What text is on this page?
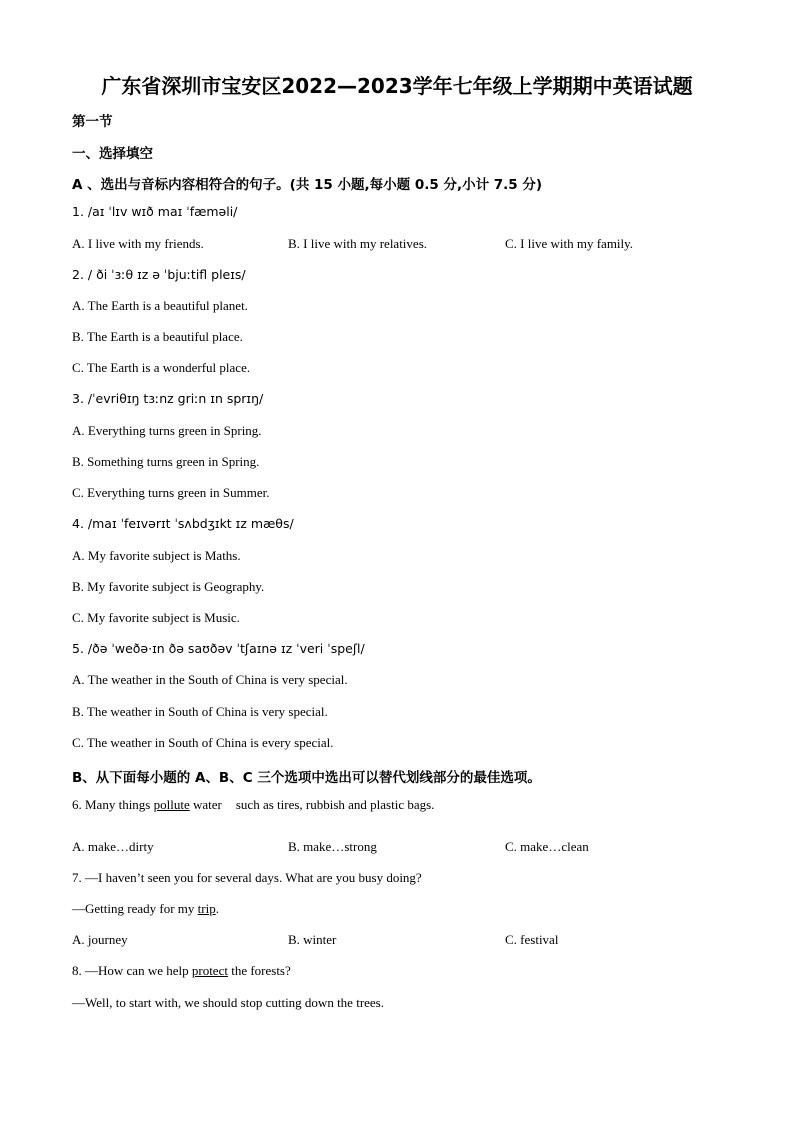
广东省深圳市宝安区2022—2023学年七年级上学期期中英语试题
第一节
一、选择填空
A 、选出与音标内容相符合的句子。(共 15 小题,每小题 0.5 分,小计 7.5 分)
1. /aɪ ˈlɪv wɪð maɪ ˈfæməli/
A. I live with my friends.	B. I live with my relatives.	C. I live with my family.
2. / ði ˈɜːθ ɪz ə ˈbjuːtifl pleɪs/
A. The Earth is a beautiful planet.
B. The Earth is a beautiful place.
C. The Earth is a wonderful place.
3. /ˈevriθɪŋ tɜːnz ɡriːn ɪn sprɪŋ/
A. Everything turns green in Spring.
B. Something turns green in Spring.
C. Everything turns green in Summer.
4. /maɪ ˈfeɪvərɪt ˈsʌbdʒɪkt ɪz mæθs/
A. My favorite subject is Maths.
B. My favorite subject is Geography.
C. My favorite subject is Music.
5. /ðə ˈweðə·ɪn ðə saʊðəv ˈtʃaɪnə ɪz ˈveri ˈspeʃl/
A. The weather in the South of China is very special.
B. The weather in South of China is very special.
C. The weather in South of China is every special.
B、从下面每小题的 A、B、C 三个选项中选出可以替代划线部分的最佳选项。
6. Many things pollute water such as tires, rubbish and plastic bags.
A. make…dirty	B. make…strong	C. make…clean
7. —I haven’t seen you for several days. What are you busy doing?
—Getting ready for my trip.
A. journey	B. winter	C. festival
8. —How can we help protect the forests?
—Well, to start with, we should stop cutting down the trees.
